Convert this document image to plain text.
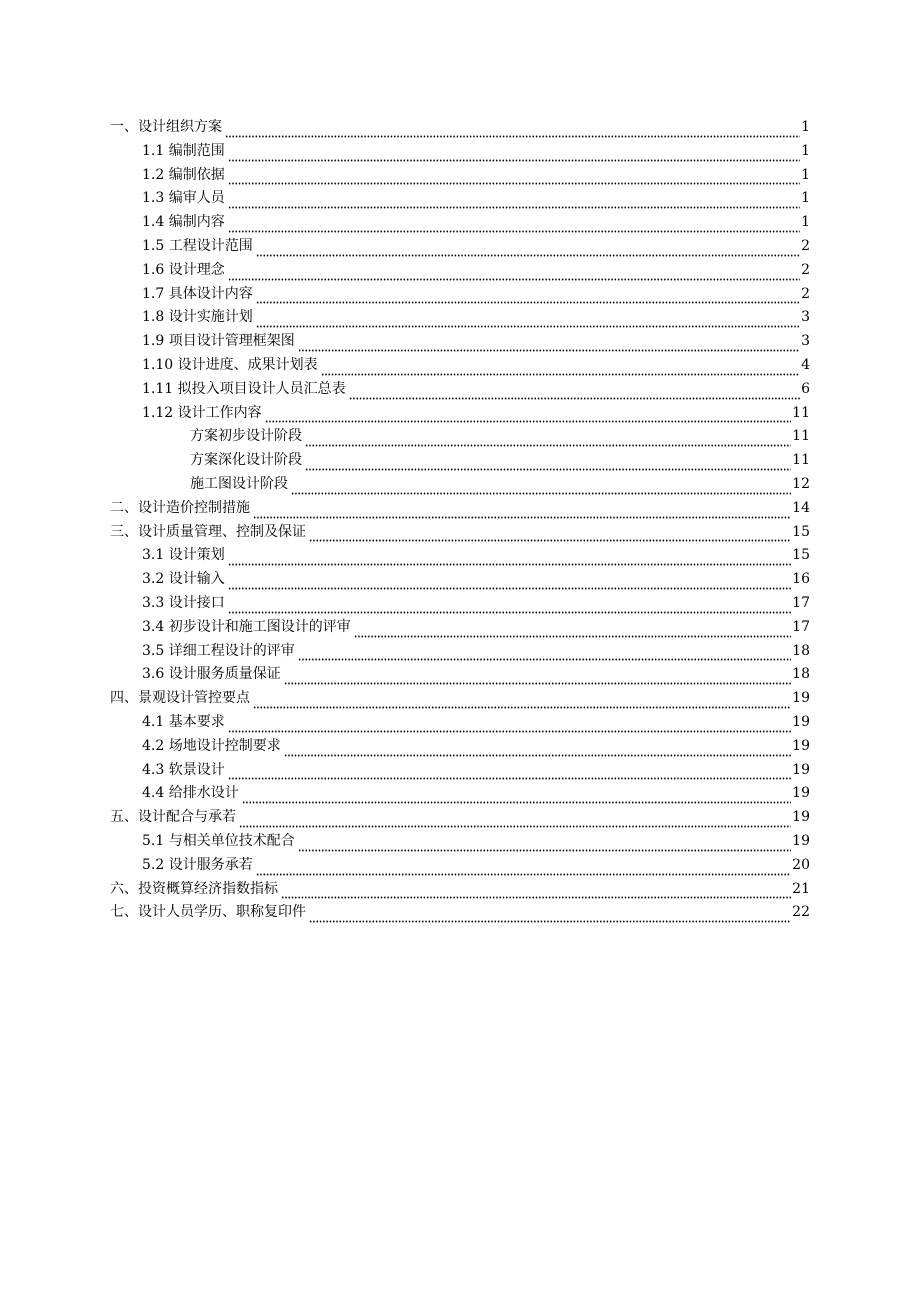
一、设计组织方案	1
1.1 编制范围	1
1.2 编制依据	1
1.3 编审人员	1
1.4 编制内容	1
1.5 工程设计范围	2
1.6 设计理念	2
1.7 具体设计内容	2
1.8 设计实施计划	3
1.9 项目设计管理框架图	3
1.10 设计进度、成果计划表	4
1.11 拟投入项目设计人员汇总表	6
1.12 设计工作内容	11
方案初步设计阶段	11
方案深化设计阶段	11
施工图设计阶段	12
二、设计造价控制措施	14
三、设计质量管理、控制及保证	15
3.1 设计策划	15
3.2 设计输入	16
3.3 设计接口	17
3.4 初步设计和施工图设计的评审	17
3.5 详细工程设计的评审	18
3.6 设计服务质量保证	18
四、景观设计管控要点	19
4.1 基本要求	19
4.2 场地设计控制要求	19
4.3 软景设计	19
4.4 给排水设计	19
五、设计配合与承若	19
5.1 与相关单位技术配合	19
5.2 设计服务承若	20
六、投资概算经济指数指标	21
七、设计人员学历、职称复印件	22
